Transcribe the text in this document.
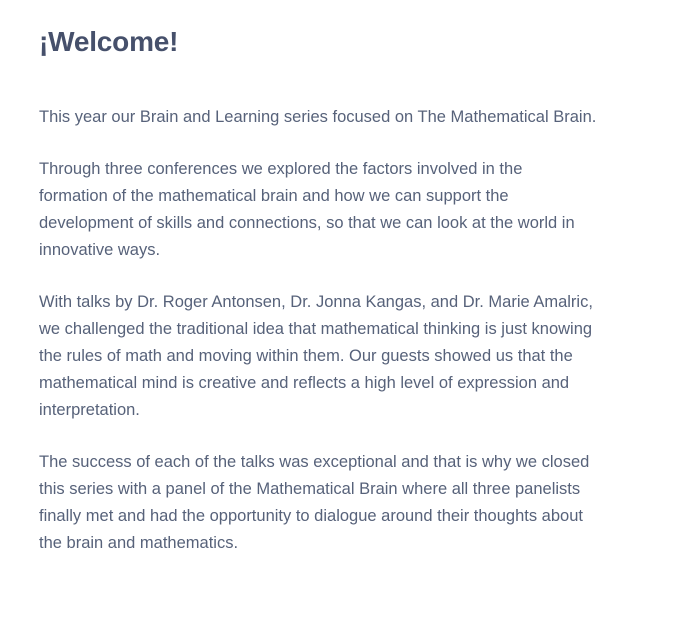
¡Welcome!

This year our Brain and Learning series focused on The Mathematical Brain.

Through three conferences we explored the factors involved in the formation of the mathematical brain and how we can support the development of skills and connections, so that we can look at the world in innovative ways.

With talks by Dr. Roger Antonsen, Dr. Jonna Kangas, and Dr. Marie Amalric, we challenged the traditional idea that mathematical thinking is just knowing the rules of math and moving within them. Our guests showed us that the mathematical mind is creative and reflects a high level of expression and interpretation.

The success of each of the talks was exceptional and that is why we closed this series with a panel of the Mathematical Brain where all three panelists finally met and had the opportunity to dialogue around their thoughts about the brain and mathematics.
